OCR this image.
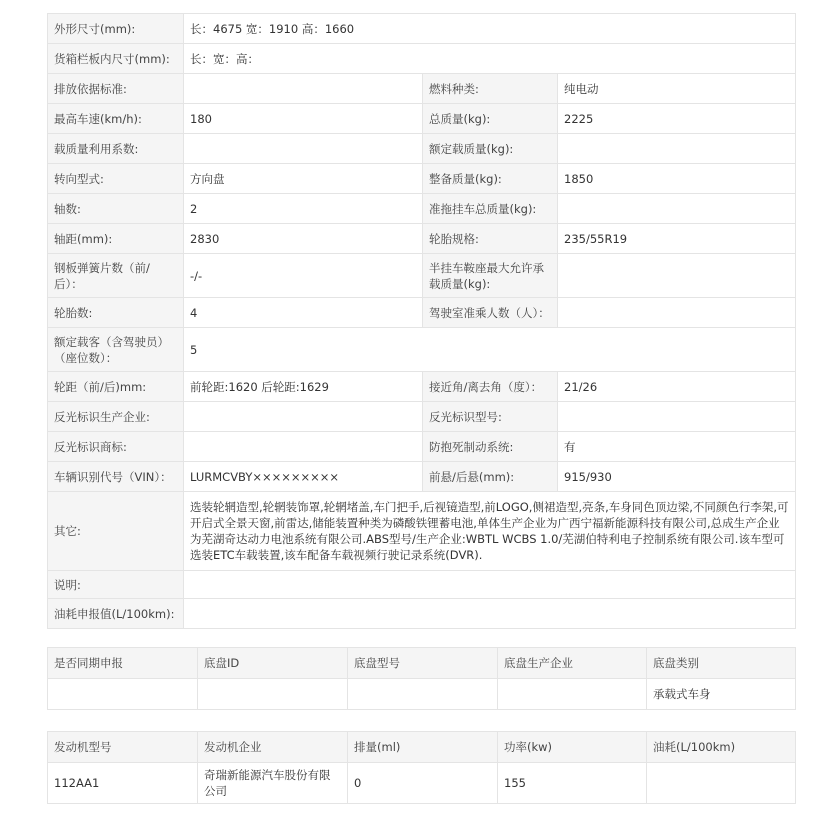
外形尺寸(mm):	长：4675 宽：1910 高：1660		
货箱栏板内尺寸(mm):	长：宽：高：		
排放依据标准:		燃料种类:	纯电动
最高车速(km/h):	180	总质量(kg):	2225
载质量利用系数:		额定载质量(kg):	
转向型式:	方向盘	整备质量(kg):	1850
轴数:	2	准拖挂车总质量(kg):	
轴距(mm):	2830	轮胎规格:	235/55R19
钢板弹簧片数（前/后）：	-/-	半挂车鞍座最大允许承载质量(kg):	
轮胎数:	4	驾驶室准乘人数（人）：	
额定载客（含驾驶员）（座位数）：	5		
轮距（前/后)mm:	前轮距:1620 后轮距:1629	接近角/离去角（度）：	21/26
反光标识生产企业:		反光标识型号:	
反光标识商标:		防抱死制动系统:	有
车辆识别代号（VIN）：	LURMCVBY×××××××××	前悬/后悬(mm):	915/930
其它:	选装轮辋造型,轮辋装饰罩,轮辋堵盖,车门把手,后视镜造型,前LOGO,侧裙造型,亮条,车身同色顶边梁,不同颜色行李架,可开启式全景天窗,前雷达,储能装置种类为磷酸铁锂蓄电池,单体生产企业为广西宁福新能源科技有限公司,总成生产企业为芜湖奇达动力电池系统有限公司.ABS型号/生产企业:WBTL WCBS 1.0/芜湖伯特利电子控制系统有限公司.该车型可选装ETC车载装置,该车配备车载视频行驶记录系统(DVR).		
说明:			
油耗申报值(L/100km):			
是否同期申报	底盘ID	底盘型号	底盘生产企业	底盘类别
				承载式车身
发动机型号	发动机企业	排量(ml)	功率(kw)	油耗(L/100km)
112AA1	奇瑞新能源汽车股份有限公司	0	155	
